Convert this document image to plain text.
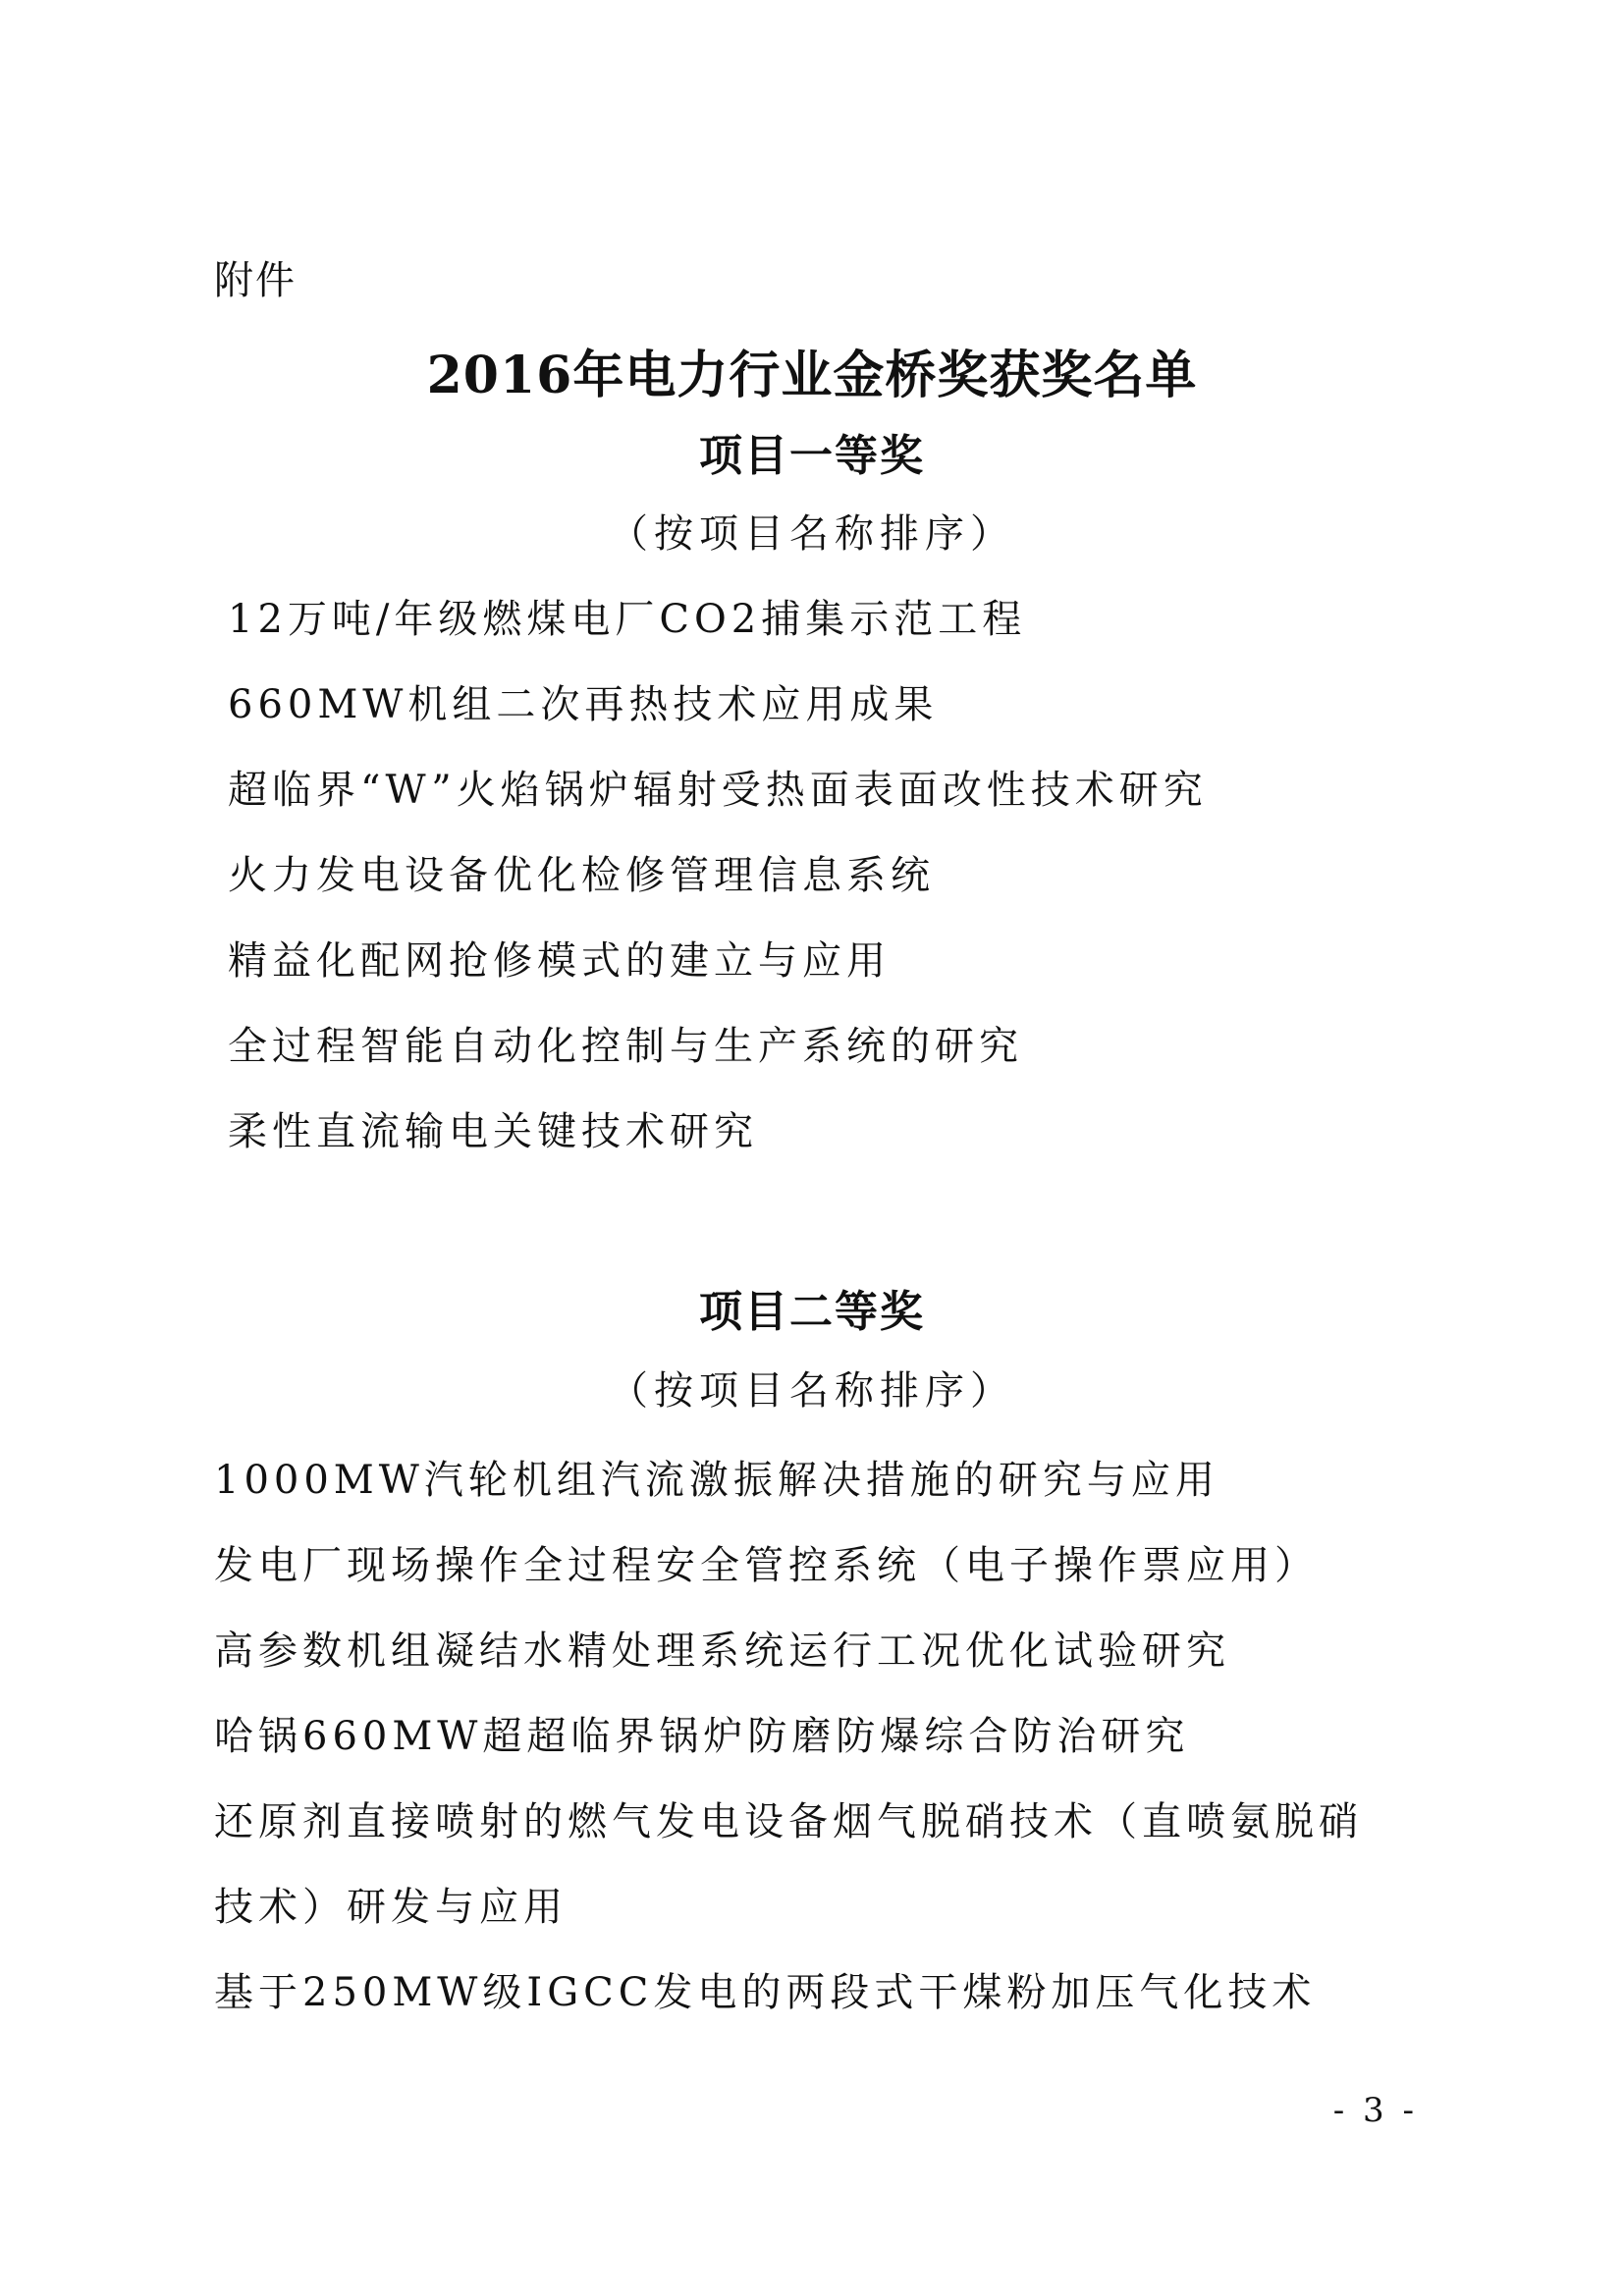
附件
2016年电力行业金桥奖获奖名单
项目一等奖
（按项目名称排序）
12万吨/年级燃煤电厂CO2捕集示范工程
660MW机组二次再热技术应用成果
超临界“W”火焰锅炉辐射受热面表面改性技术研究
火力发电设备优化检修管理信息系统
精益化配网抢修模式的建立与应用
全过程智能自动化控制与生产系统的研究
柔性直流输电关键技术研究
项目二等奖
（按项目名称排序）
1000MW汽轮机组汽流激振解决措施的研究与应用
发电厂现场操作全过程安全管控系统（电子操作票应用）
高参数机组凝结水精处理系统运行工况优化试验研究
哈锅660MW超超临界锅炉防磨防爆综合防治研究
还原剂直接喷射的燃气发电设备烟气脱硝技术（直喷氨脱硝
技术）研发与应用
基于250MW级IGCC发电的两段式干煤粉加压气化技术
- 3 -
